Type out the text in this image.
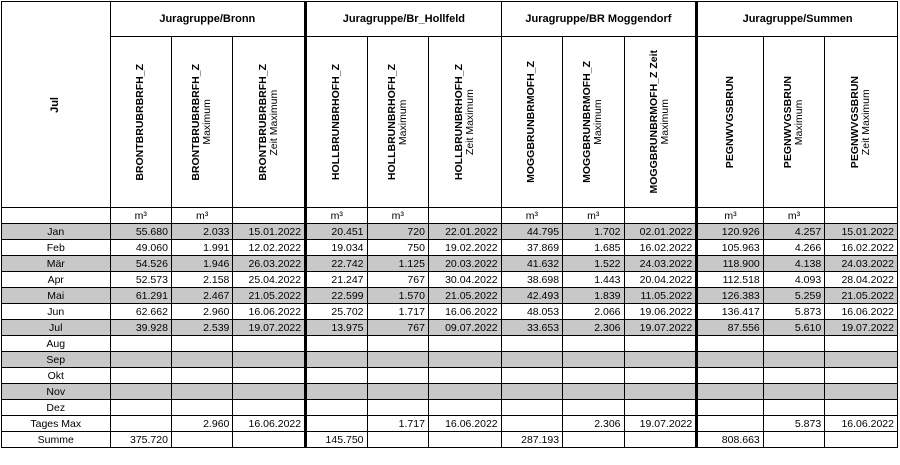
Jul	Juragruppe/Bronn			Juragruppe/Br_Hollfeld			Juragruppe/BR Moggendorf			Juragruppe/Summen		

	BRONTBRUBRBRFH_Z	BRONTBRUBRBRFH_Z Maximum	BRONTBRUBRBRFH_Z Zeit Maximum	HOLLBRUNBRHOFH_Z	HOLLBRUNBRHOFH_Z Maximum	HOLLBRUNBRHOFH_Z Zeit Maximum	MOGGBRUNBRMOFH_Z	MOGGBRUNBRMOFH_Z Maximum	MOGGBRUNBRMOFH_Z Zeit Maximum	PEGNWVGSBRUN	PEGNWVGSBRUN Maximum	PEGNWVGSBRUN Zeit Maximum

	m³	m³		m³	m³		m³	m³		m³	m³	
Jan	55.680	2.033	15.01.2022	20.451	720	22.01.2022	44.795	1.702	02.01.2022	120.926	4.257	15.01.2022
Feb	49.060	1.991	12.02.2022	19.034	750	19.02.2022	37.869	1.685	16.02.2022	105.963	4.266	16.02.2022
Mär	54.526	1.946	26.03.2022	22.742	1.125	20.03.2022	41.632	1.522	24.03.2022	118.900	4.138	24.03.2022
Apr	52.573	2.158	25.04.2022	21.247	767	30.04.2022	38.698	1.443	20.04.2022	112.518	4.093	28.04.2022
Mai	61.291	2.467	21.05.2022	22.599	1.570	21.05.2022	42.493	1.839	11.05.2022	126.383	5.259	21.05.2022
Jun	62.662	2.960	16.06.2022	25.702	1.717	16.06.2022	48.053	2.066	19.06.2022	136.417	5.873	16.06.2022
Jul	39.928	2.539	19.07.2022	13.975	767	09.07.2022	33.653	2.306	19.07.2022	87.556	5.610	19.07.2022
Aug												
Sep												
Okt												
Nov												
Dez												
Tages Max		2.960	16.06.2022		1.717	16.06.2022		2.306	19.07.2022		5.873	16.06.2022
Summe	375.720			145.750			287.193			808.663		
